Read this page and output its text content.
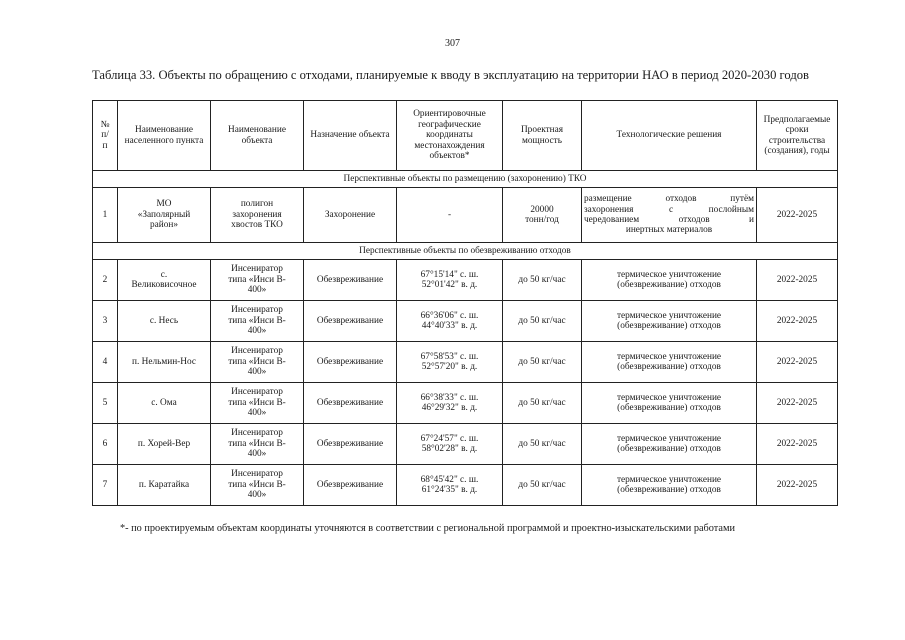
307

Таблица 33. Объекты по обращению с отходами, планируемые к вводу в эксплуатацию на территории НАО в период 2020-2030 годов

№
п/
п	Наименование населенного пункта	Наименование объекта	Назначение объекта	Ориентировочные географические координаты местонахождения объектов*	Проектная мощность	Технологические решения	Предполагаемые сроки строительства (создания), годы
Перспективные объекты по размещению (захоронению) ТКО							
1	МО
«Заполярный
район»	полигон
захоронения
хвостов ТКО	Захоронение	-	20000
тонн/год	размещение отходов путём
захоронения с послойным
чередованием отходов и
инертных материалов	2022-2025
Перспективные объекты по обезвреживанию отходов							
2	с.
Великовисочное	Инсениратор
типа «Инси В-
400»	Обезвреживание	67°15'14" с. ш.
52°01'42" в. д.	до 50 кг/час	термическое уничтожение
(обезвреживание) отходов	2022-2025
3	с. Несь	Инсениратор
типа «Инси В-
400»	Обезвреживание	66°36'06" с. ш.
44°40'33" в. д.	до 50 кг/час	термическое уничтожение
(обезвреживание) отходов	2022-2025
4	п. Нельмин-Нос	Инсениратор
типа «Инси В-
400»	Обезвреживание	67°58'53" с. ш.
52°57'20" в. д.	до 50 кг/час	термическое уничтожение
(обезвреживание) отходов	2022-2025
5	с. Ома	Инсениратор
типа «Инси В-
400»	Обезвреживание	66°38'33" с. ш.
46°29'32" в. д.	до 50 кг/час	термическое уничтожение
(обезвреживание) отходов	2022-2025
6	п. Хорей-Вер	Инсениратор
типа «Инси В-
400»	Обезвреживание	67°24'57" с. ш.
58°02'28" в. д.	до 50 кг/час	термическое уничтожение
(обезвреживание) отходов	2022-2025
7	п. Каратайка	Инсениратор
типа «Инси В-
400»	Обезвреживание	68°45'42" с. ш.
61°24'35" в. д.	до 50 кг/час	термическое уничтожение
(обезвреживание) отходов	2022-2025

*- по проектируемым объектам координаты уточняются в соответствии с региональной программой и проектно-изыскательскими работами
